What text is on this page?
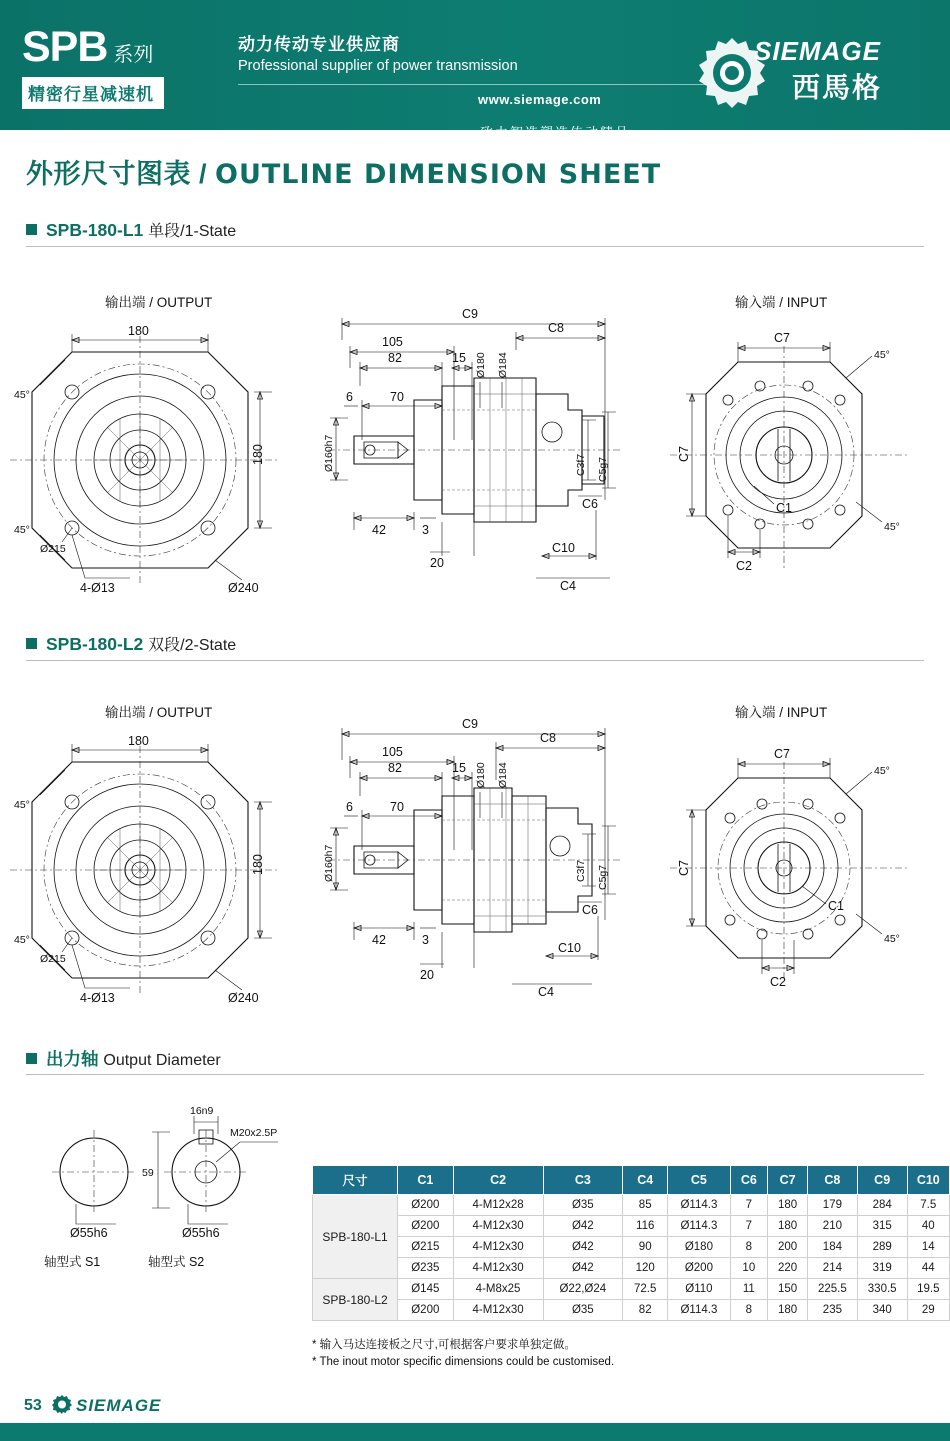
SPB 系列
精密行星减速机
动力传动专业供应商
Professional supplier of power transmission
致力智造塑造传动精品
www.siemage.com
SIEMAGE
西馬格
外形尺寸图表 / OUTLINE DIMENSION SHEET
SPB-180-L1 单段/1-State
输出端 / OUTPUT
180
180
45°
45°
Ø215
4-Ø13	Ø240
C9
C8
105
82	15 Ø180 Ø184
6	70
Ø160h7	C3f7 C5g7
C6
42	3
20
C10
C4
输入端 / INPUT
C7
C7
45°
45°
C1
C2
SPB-180-L2 双段/2-State
输出端 / OUTPUT
180
180
45°
45°
Ø215
4-Ø13	Ø240
C9
C8
105
82	15 Ø180 Ø184
6	70
Ø160h7	C3f7 C5g7
C6
42	3
20
C10
C4
输入端 / INPUT
C7
C7
45°
45°
C1
C2
出力轴 Output Diameter
Ø55h6
16n9
59
M20x2.5P
Ø55h6
轴型式 S1	轴型式 S2
尺寸	C1	C2	C3	C4	C5	C6	C7	C8	C9	C10
SPB-180-L1	Ø200	4-M12x28	Ø35	85	Ø114.3	7	180	179	284	7.5
	Ø200	4-M12x30	Ø42	116	Ø114.3	7	180	210	315	40
	Ø215	4-M12x30	Ø42	90	Ø180	8	200	184	289	14
	Ø235	4-M12x30	Ø42	120	Ø200	10	220	214	319	44
SPB-180-L2	Ø145	4-M8x25	Ø22,Ø24	72.5	Ø110	11	150	225.5	330.5	19.5
	Ø200	4-M12x30	Ø35	82	Ø114.3	8	180	235	340	29
* 输入马达连接板之尺寸,可根据客户要求单独定做。
* The inout motor specific dimensions could be customised.
53 SIEMAGE
